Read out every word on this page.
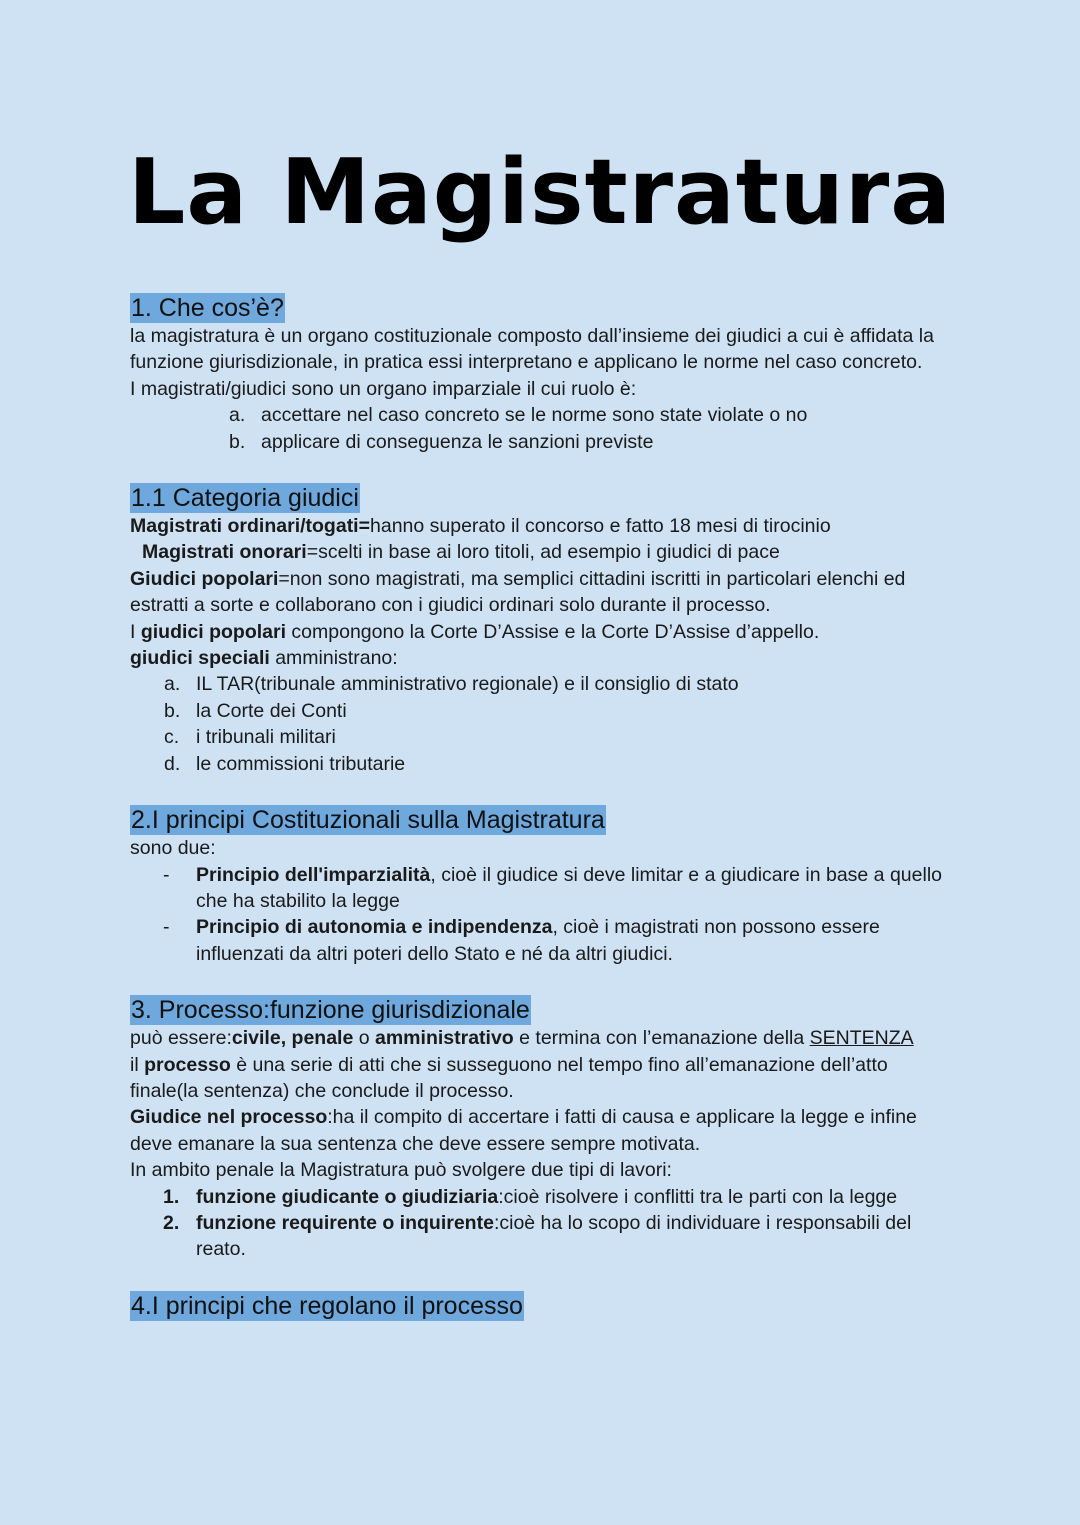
La Magistratura
1. Che cos’è?

la magistratura è un organo costituzionale composto dall’insieme dei giudici a cui è affidata la funzione giurisdizionale, in pratica essi interpretano e applicano le norme nel caso concreto.

I magistrati/giudici sono un organo imparziale il cui ruolo è:

a. accettare nel caso concreto se le norme sono state violate o no
b. applicare di conseguenza le sanzioni previste
1.1 Categoria giudici

Magistrati ordinari/togati=hanno superato il concorso e fatto 18 mesi di tirocinio

Magistrati onorari=scelti in base ai loro titoli, ad esempio i giudici di pace

Giudici popolari=non sono magistrati, ma semplici cittadini iscritti in particolari elenchi ed estratti a sorte e collaborano con i giudici ordinari solo durante il processo.

I giudici popolari compongono la Corte D’Assise e la Corte D’Assise d’appello.

giudici speciali amministrano:

a. IL TAR(tribunale amministrativo regionale) e il consiglio di stato
b. la Corte dei Conti
c. i tribunali militari
d. le commissioni tributarie
2.I principi Costituzionali sulla Magistratura

sono due:

- Principio dell'imparzialità, cioè il giudice si deve limitar e a giudicare in base a quello che ha stabilito la legge
- Principio di autonomia e indipendenza, cioè i magistrati non possono essere influenzati da altri poteri dello Stato e né da altri giudici.
3. Processo:funzione giurisdizionale

può essere:civile, penale o amministrativo e termina con l’emanazione della SENTENZA

il processo è una serie di atti che si susseguono nel tempo fino all’emanazione dell’atto finale(la sentenza) che conclude il processo.

Giudice nel processo:ha il compito di accertare i fatti di causa e applicare la legge e infine deve emanare la sua sentenza che deve essere sempre motivata.

In ambito penale la Magistratura può svolgere due tipi di lavori:

1. funzione giudicante o giudiziaria:cioè risolvere i conflitti tra le parti con la legge
2. funzione requirente o inquirente:cioè ha lo scopo di individuare i responsabili del reato.
4.I principi che regolano il processo
